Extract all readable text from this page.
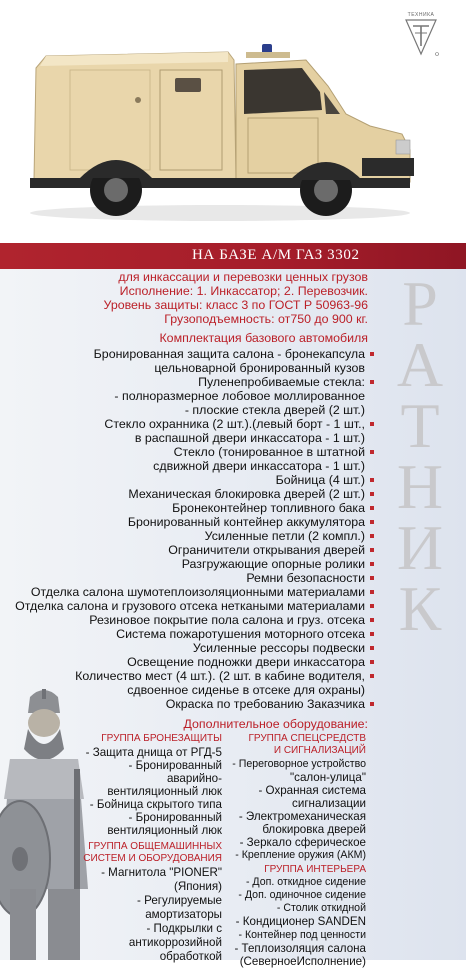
ТЕХНИКА
НА БАЗЕ А/М ГАЗ 3302
Р
А
Т
Н
И
К
для инкассации и перевозки ценных грузов
Исполнение: 1. Инкассатор; 2. Перевозчик.
Уровень защиты: класс 3 по ГОСТ Р 50963-96
Грузоподъемность: от750 до 900 кг.
Комплектация базового автомобиля
Бронированная защита салона - бронекапсула
цельноварной бронированный кузов
Пуленепробиваемые стекла:
- полноразмерное лобовое моллированное
- плоские стекла дверей (2 шт.)
Стекло охранника (2 шт.).(левый борт - 1 шт.,
в распашной двери инкассатора - 1 шт.)
Стекло (тонированное в штатной
сдвижной двери инкассатора - 1 шт.)
Бойница (4 шт.)
Механическая блокировка дверей (2 шт.)
Бронеконтейнер топливного бака
Бронированный контейнер аккумулятора
Усиленные петли (2 компл.)
Ограничители открывания дверей
Разгружающие опорные ролики
Ремни безопасности
Отделка салона шумотеплоизоляционными материалами
Отделка салона и грузового отсека неткаными материалами
Резиновое покрытие пола салона и груз. отсека
Система пожаротушения моторного отсека
Усиленные рессоры подвески
Освещение подножки двери инкассатора
Количество мест (4 шт.). (2 шт. в кабине водителя,
сдвоенное сиденье в отсеке для охраны)
Окраска по требованию Заказчика
Дополнительное оборудование:
ГРУППА БРОНЕЗАЩИТЫ
- Защита днища от РГД-5
- Бронированный
аварийно-
вентиляционный люк
- Бойница скрытого типа
- Бронированный
вентиляционный люк
ГРУППА ОБЩЕМАШИННЫХ
СИСТЕМ И ОБОРУДОВАНИЯ
- Магнитола "PIONER"
(Япония)
- Регулируемые
амортизаторы
- Подкрылки с
антикоррозийной
обработкой
ГРУППА СПЕЦСРЕДСТВ
И СИГНАЛИЗАЦИЙ
- Переговорное устройство
"салон-улица"
- Охранная система
сигнализации
- Электромеханическая
блокировка дверей
- Зеркало сферическое
- Крепление оружия (АКМ)
ГРУППА ИНТЕРЬЕРА
- Доп. откидное сидение
- Доп. одиночное сидение
- Столик откидной
- Кондиционер SANDEN
- Контейнер под ценности
- Теплоизоляция салона
(СеверноеИсполнение)
